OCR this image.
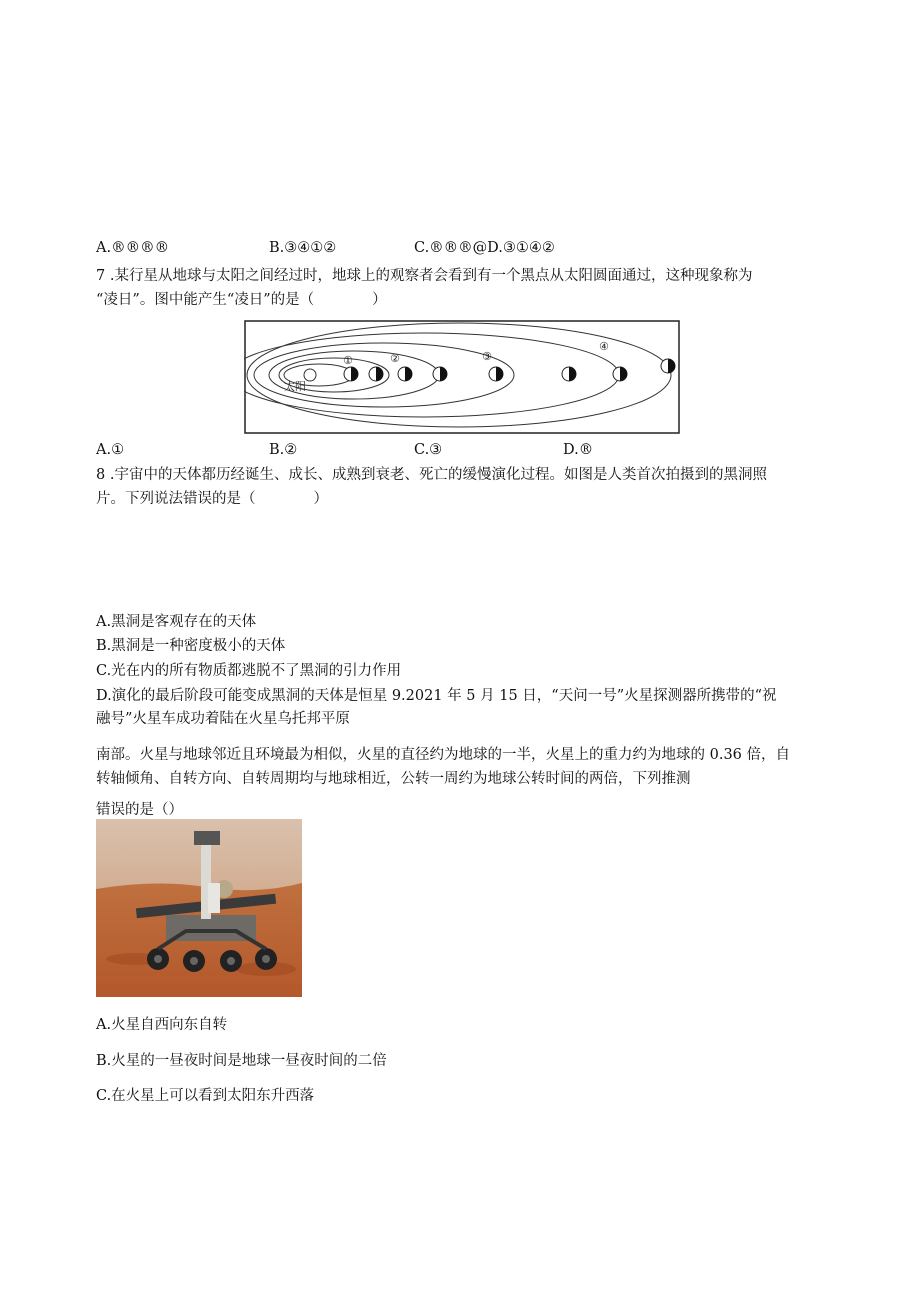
A.®®®®	B.③④①②	C.®®®@D.③①④②
7 .某行星从地球与太阳之间经过时，地球上的观察者会看到有一个黑点从太阳圆面通过，这种现象称为
“凌日”。图中能产生“凌日”的是（　　　　）
太阳
①	②	③
④
A.①	B.②	C.③	D.®
8 .宇宙中的天体都历经诞生、成长、成熟到衰老、死亡的缓慢演化过程。如图是人类首次拍摄到的黑洞照
片。下列说法错误的是（　　　　）
A.黑洞是客观存在的天体
B.黑洞是一种密度极小的天体
C.光在内的所有物质都逃脱不了黑洞的引力作用
D.演化的最后阶段可能变成黑洞的天体是恒星 9.2021 年 5 月 15 日，“天问一号”火星探测器所携带的“祝
融号”火星车成功着陆在火星乌托邦平原
南部。火星与地球邻近且环境最为相似，火星的直径约为地球的一半，火星上的重力约为地球的 0.36 倍，自
转轴倾角、自转方向、自转周期均与地球相近，公转一周约为地球公转时间的两倍，下列推测
错误的是（）
A.火星自西向东自转
B.火星的一昼夜时间是地球一昼夜时间的二倍
C.在火星上可以看到太阳东升西落
